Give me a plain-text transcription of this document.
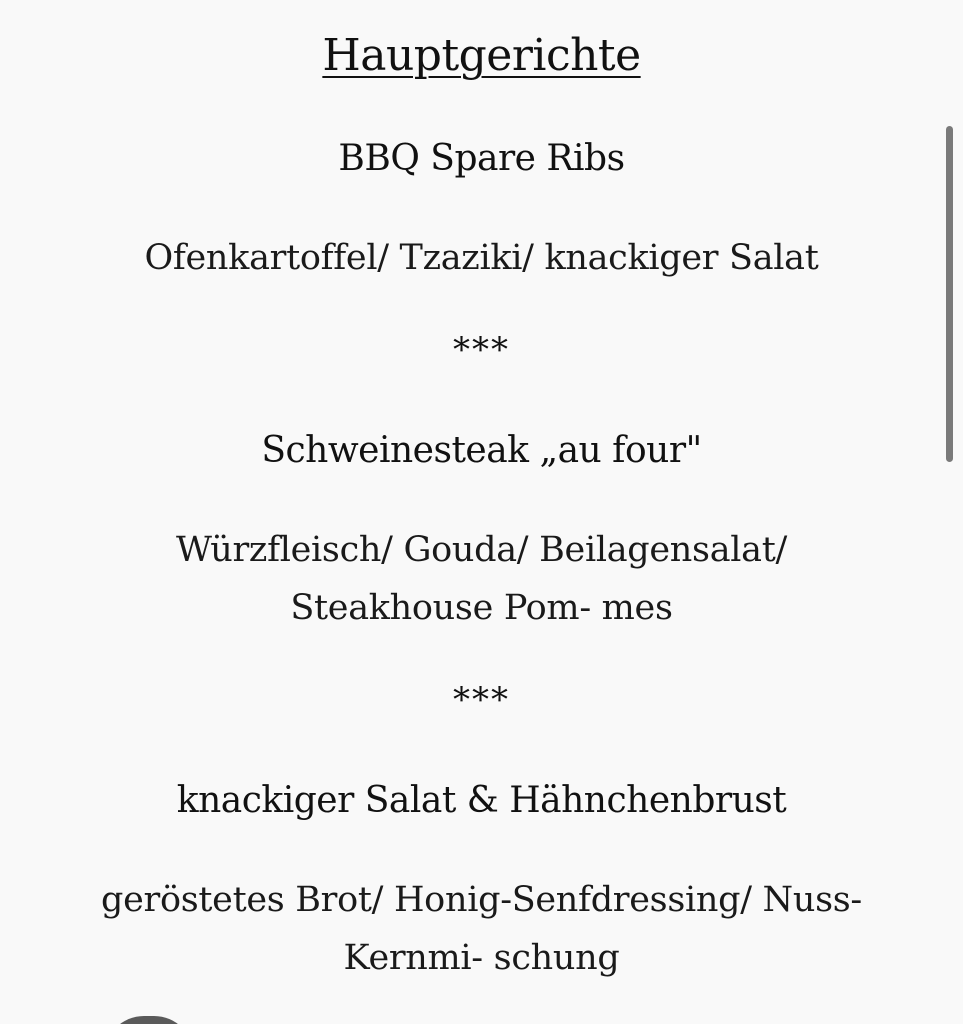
Hauptgerichte
BBQ Spare Ribs
Ofenkartoffel/ Tzaziki/ knackiger Salat
***
Schweinesteak „au four"
Würzfleisch/ Gouda/ Beilagensalat/ Steakhouse Pom- mes
***
knackiger Salat & Hähnchenbrust
geröstetes Brot/ Honig-Senfdressing/ Nuss-Kernmi- schung
